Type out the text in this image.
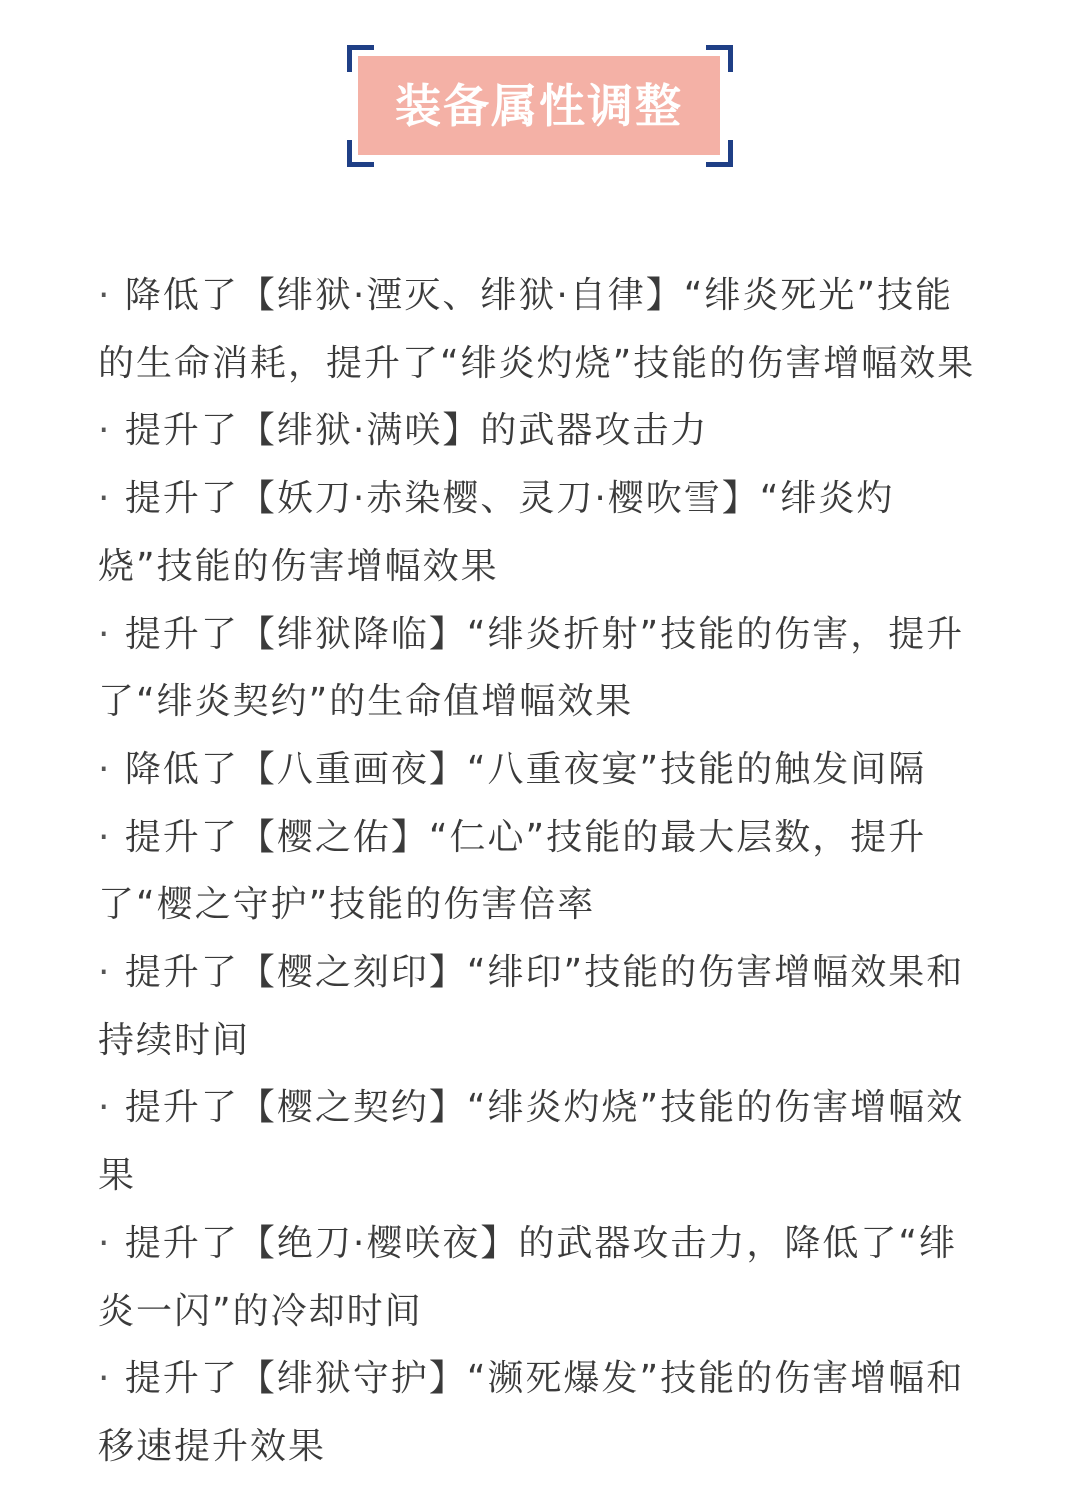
装备属性调整

· 降低了【绯狱·湮灭、绯狱·自律】“绯炎死光”技能
的生命消耗，提升了“绯炎灼烧”技能的伤害增幅效果

· 提升了【绯狱·满咲】的武器攻击力

· 提升了【妖刀·赤染樱、灵刀·樱吹雪】“绯炎灼
烧”技能的伤害增幅效果

· 提升了【绯狱降临】“绯炎折射”技能的伤害，提升
了“绯炎契约”的生命值增幅效果

· 降低了【八重画夜】“八重夜宴”技能的触发间隔

· 提升了【樱之佑】“仁心”技能的最大层数，提升
了“樱之守护”技能的伤害倍率

· 提升了【樱之刻印】“绯印”技能的伤害增幅效果和
持续时间

· 提升了【樱之契约】“绯炎灼烧”技能的伤害增幅效
果

· 提升了【绝刀·樱咲夜】的武器攻击力，降低了“绯
炎一闪”的冷却时间

· 提升了【绯狱守护】“濒死爆发”技能的伤害增幅和
移速提升效果
